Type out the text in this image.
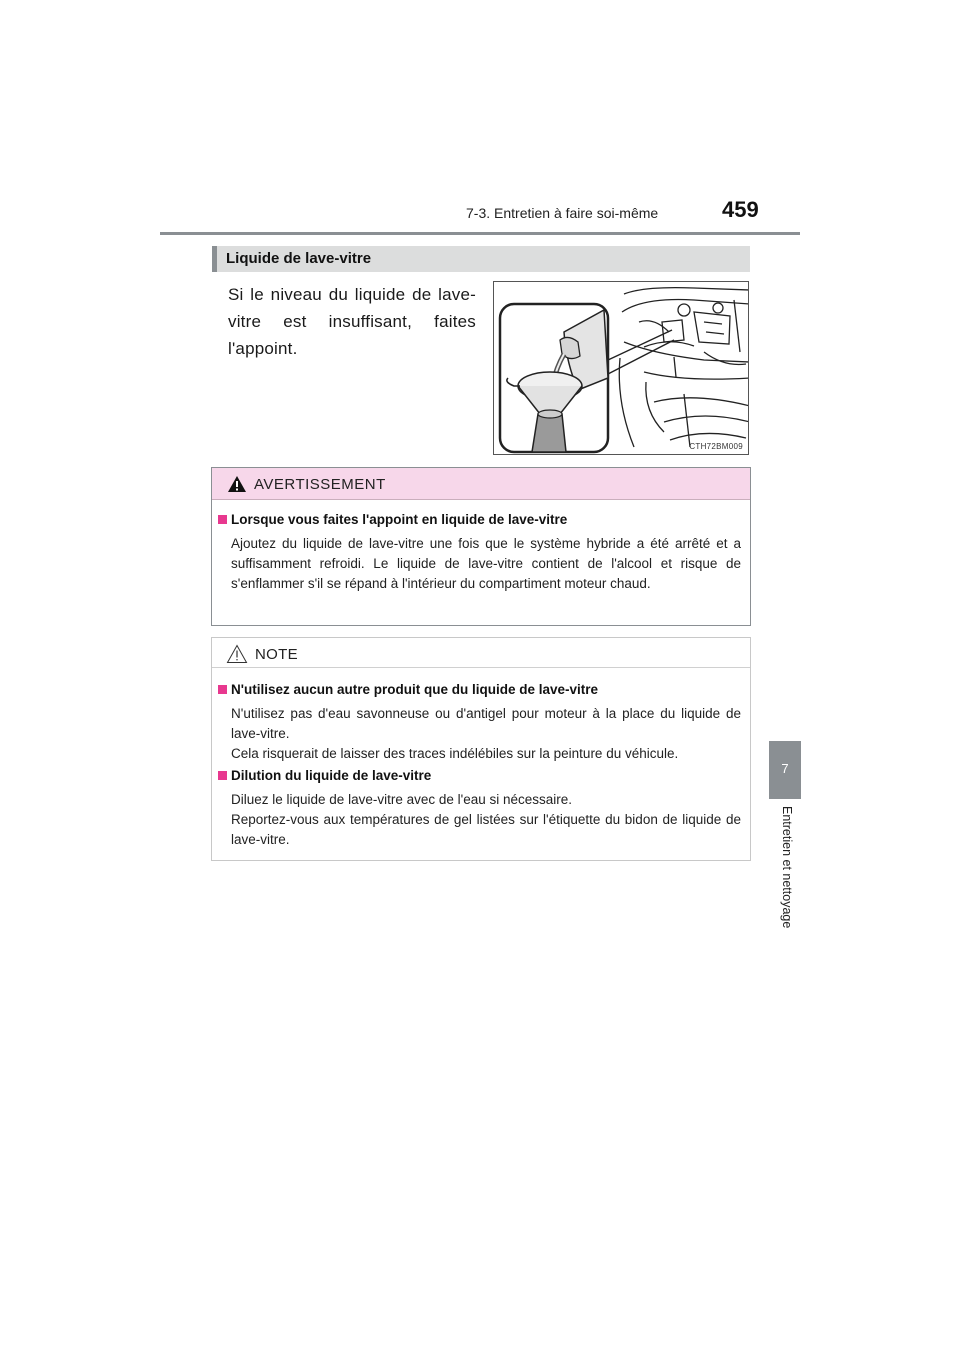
7-3. Entretien à faire soi-même	459
7
Entretien et nettoyage
Liquide de lave-vitre
Si le niveau du liquide de lave-vitre est insuffisant, faites l'appoint.
CTH72BM009
AVERTISSEMENT
Lorsque vous faites l'appoint en liquide de lave-vitre

Ajoutez du liquide de lave-vitre une fois que le système hybride a été arrêté et a suffisamment refroidi. Le liquide de lave-vitre contient de l'alcool et risque de s'enflammer s'il se répand à l'intérieur du compartiment moteur chaud.

NOTE
N'utilisez aucun autre produit que du liquide de lave-vitre

N'utilisez pas d'eau savonneuse ou d'antigel pour moteur à la place du liquide de lave-vitre.

Cela risquerait de laisser des traces indélébiles sur la peinture du véhicule.

Dilution du liquide de lave-vitre

Diluez le liquide de lave-vitre avec de l'eau si nécessaire.

Reportez-vous aux températures de gel listées sur l'étiquette du bidon de liquide de lave-vitre.
